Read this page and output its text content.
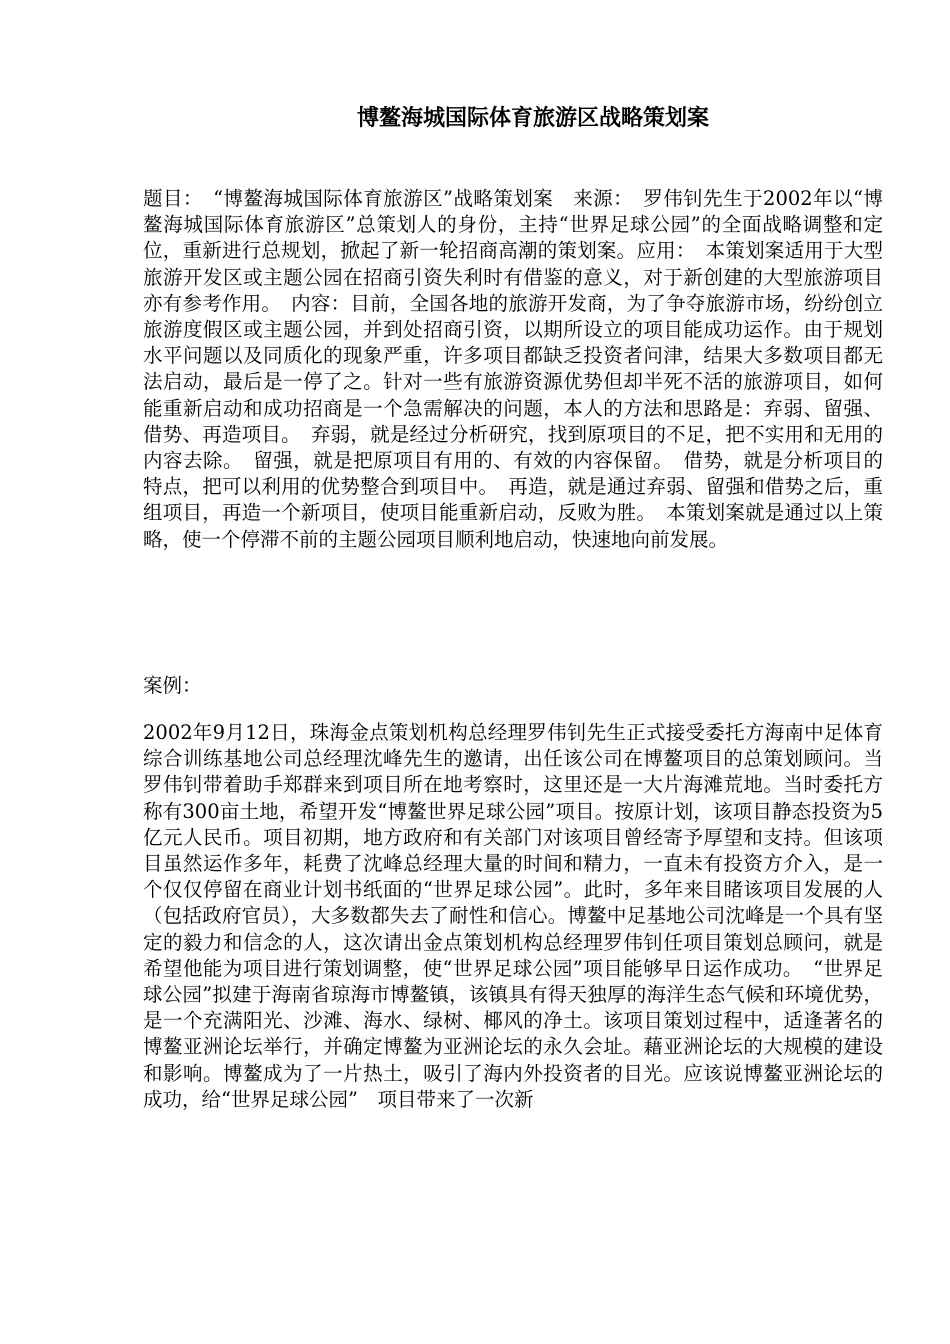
博鳌海城国际体育旅游区战略策划案

题目：　“博鳌海城国际体育旅游区”战略策划案　来源：　罗伟钊先生于2002年以“博鳌海城国际体育旅游区”总策划人的身份，主持“世界足球公园”的全面战略调整和定位，重新进行总规划，掀起了新一轮招商高潮的策划案。应用：　本策划案适用于大型旅游开发区或主题公园在招商引资失利时有借鉴的意义，对于新创建的大型旅游项目亦有参考作用。　内容：目前，全国各地的旅游开发商，为了争夺旅游市场，纷纷创立旅游度假区或主题公园，并到处招商引资，以期所设立的项目能成功运作。由于规划水平问题以及同质化的现象严重，许多项目都缺乏投资者问津，结果大多数项目都无法启动，最后是一停了之。针对一些有旅游资源优势但却半死不活的旅游项目，如何能重新启动和成功招商是一个急需解决的问题，本人的方法和思路是：弃弱、留强、借势、再造项目。　弃弱，就是经过分析研究，找到原项目的不足，把不实用和无用的内容去除。　留强，就是把原项目有用的、有效的内容保留。　借势，就是分析项目的特点，把可以利用的优势整合到项目中。　再造，就是通过弃弱、留强和借势之后，重组项目，再造一个新项目，使项目能重新启动，反败为胜。　本策划案就是通过以上策略，使一个停滞不前的主题公园项目顺利地启动，快速地向前发展。

案例：

2002年9月12日，珠海金点策划机构总经理罗伟钊先生正式接受委托方海南中足体育综合训练基地公司总经理沈峰先生的邀请，出任该公司在博鳌项目的总策划顾问。当罗伟钊带着助手郑群来到项目所在地考察时，这里还是一大片海滩荒地。当时委托方称有300亩土地，希望开发“博鳌世界足球公园”项目。按原计划，该项目静态投资为5亿元人民币。项目初期，地方政府和有关部门对该项目曾经寄予厚望和支持。但该项目虽然运作多年，耗费了沈峰总经理大量的时间和精力，一直未有投资方介入，是一个仅仅停留在商业计划书纸面的“世界足球公园”。此时，多年来目睹该项目发展的人（包括政府官员），大多数都失去了耐性和信心。博鳌中足基地公司沈峰是一个具有坚定的毅力和信念的人，这次请出金点策划机构总经理罗伟钊任项目策划总顾问，就是希望他能为项目进行策划调整，使“世界足球公园”项目能够早日运作成功。　“世界足球公园”拟建于海南省琼海市博鳌镇，该镇具有得天独厚的海洋生态气候和环境优势，是一个充满阳光、沙滩、海水、绿树、椰风的净土。该项目策划过程中，适逢著名的博鳌亚洲论坛举行，并确定博鳌为亚洲论坛的永久会址。藉亚洲论坛的大规模的建设和影响。博鳌成为了一片热土，吸引了海内外投资者的目光。应该说博鳌亚洲论坛的成功，给“世界足球公园”　项目带来了一次新
